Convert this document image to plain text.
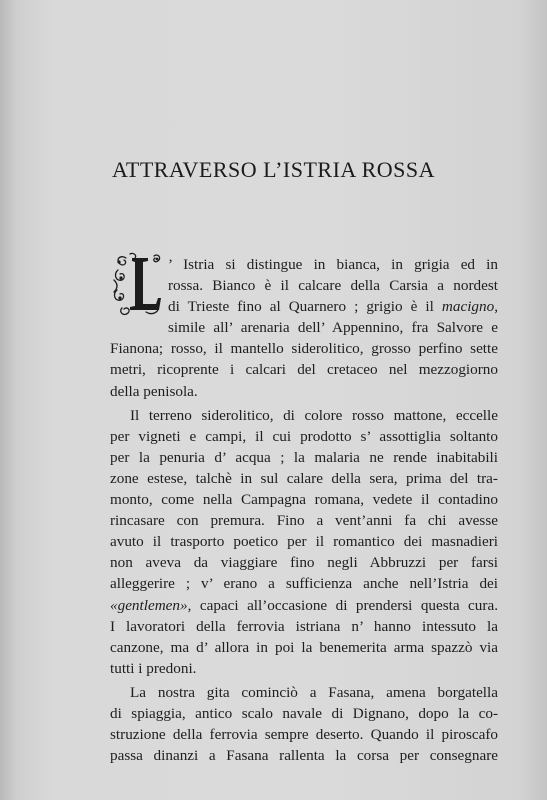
ATTRAVERSO L’ISTRIA ROSSA
L
’ Istria si distingue in bianca, in grigia ed in
rossa. Bianco è il calcare della Carsia a nordest
di Trieste fino al Quarnero ; grigio è il macigno,
simile all’ arenaria dell’ Appennino, fra Salvore e
Fianona; rosso, il mantello siderolitico, grosso perfino sette
metri, ricoprente i calcari del cretaceo nel mezzogiorno
della penisola.
Il terreno siderolitico, di colore rosso mattone, eccelle
per vigneti e campi, il cui prodotto s’ assottiglia soltanto
per la penuria d’ acqua ; la malaria ne rende inabitabili
zone estese, talchè in sul calare della sera, prima del tra-
monto, come nella Campagna romana, vedete il contadino
rincasare con premura. Fino a vent’anni fa chi avesse
avuto il trasporto poetico per il romantico dei masnadieri
non aveva da viaggiare fino negli Abbruzzi per farsi
alleggerire ; v’ erano a sufficienza anche nell’Istria dei
«gentlemen», capaci all’occasione di prendersi questa cura.
I lavoratori della ferrovia istriana n’ hanno intessuto la
canzone, ma d’ allora in poi la benemerita arma spazzò via
tutti i predoni.
La nostra gita cominciò a Fasana, amena borgatella
di spiaggia, antico scalo navale di Dignano, dopo la co-
struzione della ferrovia sempre deserto. Quando il piroscafo
passa dinanzi a Fasana rallenta la corsa per consegnare
